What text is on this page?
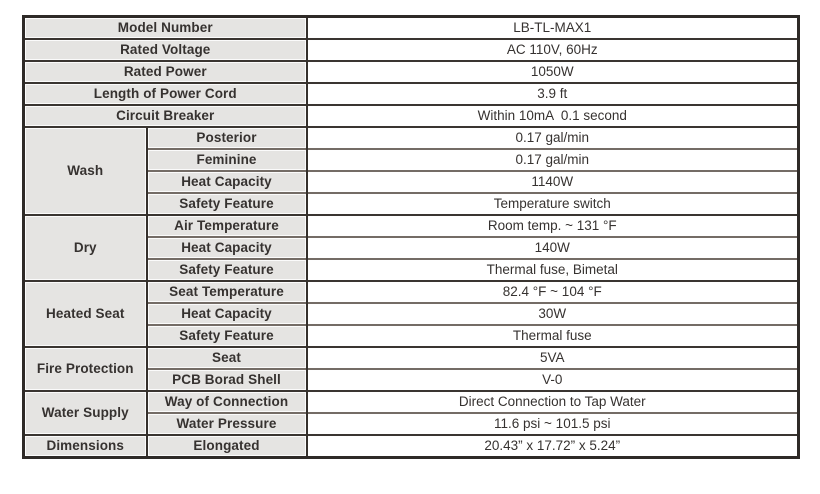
Model Number		LB-TL-MAX1
Rated Voltage		AC 110V, 60Hz
Rated Power		1050W
Length of Power Cord		3.9 ft
Circuit Breaker		Within 10mA  0.1 second
Wash	Posterior	0.17 gal/min
	Feminine	0.17 gal/min
	Heat Capacity	1140W
	Safety Feature	Temperature switch
Dry	Air Temperature	Room temp. ~ 131 °F
	Heat Capacity	140W
	Safety Feature	Thermal fuse, Bimetal
Heated Seat	Seat Temperature	82.4 °F ~ 104 °F
	Heat Capacity	30W
	Safety Feature	Thermal fuse
Fire Protection	Seat	5VA
	PCB Borad Shell	V-0
Water Supply	Way of Connection	Direct Connection to Tap Water
	Water Pressure	11.6 psi ~ 101.5 psi
Dimensions	Elongated	20.43” x 17.72” x 5.24”
